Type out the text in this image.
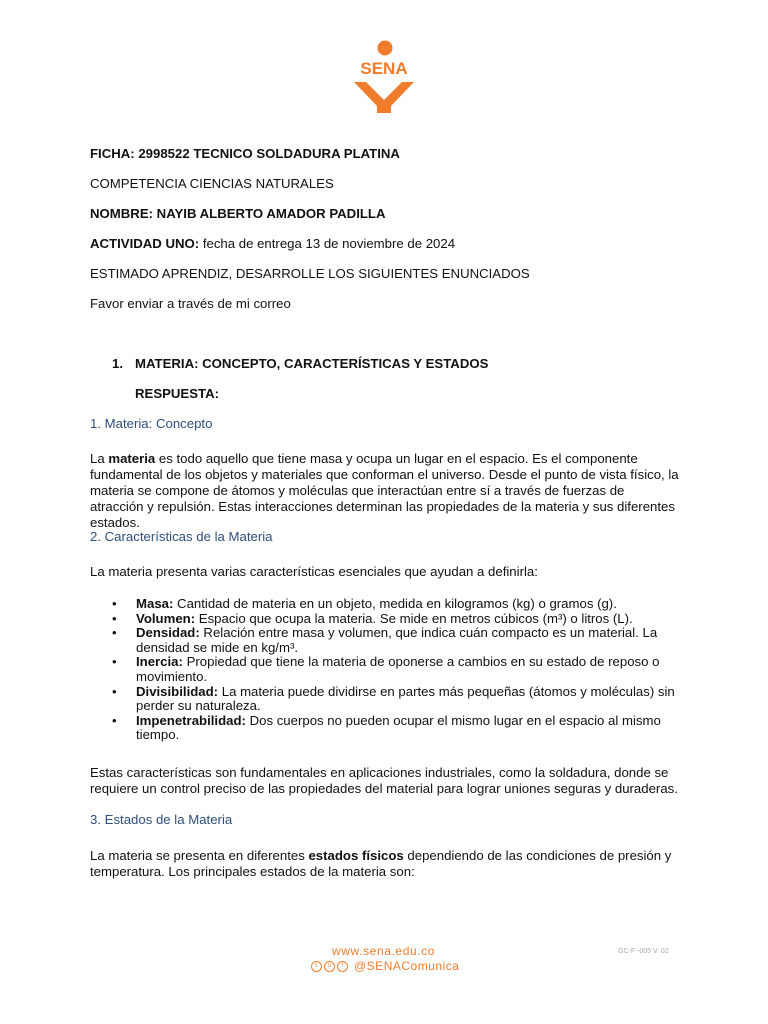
SENA
FICHA: 2998522 TECNICO SOLDADURA PLATINA
COMPETENCIA CIENCIAS NATURALES
NOMBRE: NAYIB ALBERTO AMADOR PADILLA
ACTIVIDAD UNO: fecha de entrega 13 de noviembre de 2024
ESTIMADO APRENDIZ, DESARROLLE LOS SIGUIENTES ENUNCIADOS
Favor enviar a través de mi correo
1. MATERIA: CONCEPTO, CARACTERÍSTICAS Y ESTADOS
RESPUESTA:
1. Materia: Concepto
La materia es todo aquello que tiene masa y ocupa un lugar en el espacio. Es el componente fundamental de los objetos y materiales que conforman el universo. Desde el punto de vista físico, la materia se compone de átomos y moléculas que interactúan entre sí a través de fuerzas de atracción y repulsión. Estas interacciones determinan las propiedades de la materia y sus diferentes estados.
2. Características de la Materia
La materia presenta varias características esenciales que ayudan a definirla:
• Masa: Cantidad de materia en un objeto, medida en kilogramos (kg) o gramos (g).
• Volumen: Espacio que ocupa la materia. Se mide en metros cúbicos (m³) o litros (L).
• Densidad: Relación entre masa y volumen, que indica cuán compacto es un material. La densidad se mide en kg/m³.
• Inercia: Propiedad que tiene la materia de oponerse a cambios en su estado de reposo o movimiento.
• Divisibilidad: La materia puede dividirse en partes más pequeñas (átomos y moléculas) sin perder su naturaleza.
• Impenetrabilidad: Dos cuerpos no pueden ocupar el mismo lugar en el espacio al mismo tiempo.
Estas características son fundamentales en aplicaciones industriales, como la soldadura, donde se requiere un control preciso de las propiedades del material para lograr uniones seguras y duraderas.
3. Estados de la Materia
La materia se presenta en diferentes estados físicos dependiendo de las condiciones de presión y temperatura. Los principales estados de la materia son:
www.sena.edu.co
t	o	f @SENAComunica
GC-F -005 V. 02
